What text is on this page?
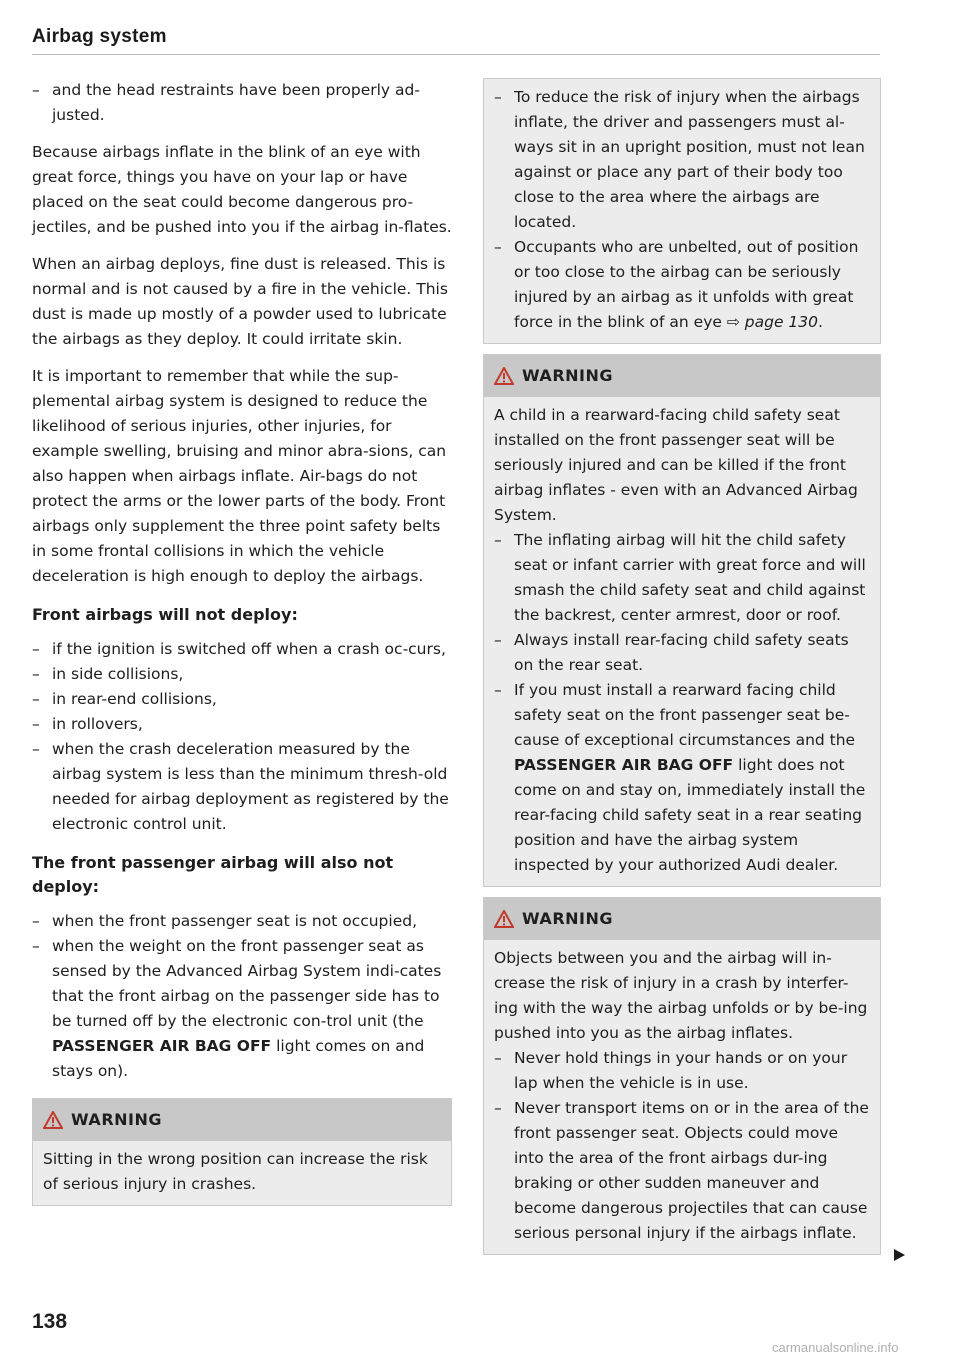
Airbag system
– and the head restraints have been properly ad-justed.

Because airbags inflate in the blink of an eye with great force, things you have on your lap or have placed on the seat could become dangerous pro-jectiles, and be pushed into you if the airbag in-flates.

When an airbag deploys, fine dust is released. This is normal and is not caused by a fire in the vehicle. This dust is made up mostly of a powder used to lubricate the airbags as they deploy. It could irritate skin.

It is important to remember that while the sup-plemental airbag system is designed to reduce the likelihood of serious injuries, other injuries, for example swelling, bruising and minor abra-sions, can also happen when airbags inflate. Air-bags do not protect the arms or the lower parts of the body. Front airbags only supplement the three point safety belts in some frontal collisions in which the vehicle deceleration is high enough to deploy the airbags.

Front airbags will not deploy:
– if the ignition is switched off when a crash oc-curs,
– in side collisions,
– in rear-end collisions,
– in rollovers,
– when the crash deceleration measured by the airbag system is less than the minimum thresh-old needed for airbag deployment as registered by the electronic control unit.
The front passenger airbag will also not deploy:
– when the front passenger seat is not occupied,
– when the weight on the front passenger seat as sensed by the Advanced Airbag System indi-cates that the front airbag on the passenger side has to be turned off by the electronic con-trol unit (the PASSENGER AIR BAG OFF light comes on and stays on).
WARNING
Sitting in the wrong position can increase the risk of serious injury in crashes.
– To reduce the risk of injury when the airbags inflate, the driver and passengers must al-ways sit in an upright position, must not lean against or place any part of their body too close to the area where the airbags are located.
– Occupants who are unbelted, out of position or too close to the airbag can be seriously injured by an airbag as it unfolds with great force in the blink of an eye ⇨ page 130.
WARNING
A child in a rearward-facing child safety seat installed on the front passenger seat will be seriously injured and can be killed if the front airbag inflates - even with an Advanced Airbag System.
– The inflating airbag will hit the child safety seat or infant carrier with great force and will smash the child safety seat and child against the backrest, center armrest, door or roof.
– Always install rear-facing child safety seats on the rear seat.
– If you must install a rearward facing child safety seat on the front passenger seat be-cause of exceptional circumstances and the PASSENGER AIR BAG OFF light does not come on and stay on, immediately install the rear-facing child safety seat in a rear seating position and have the airbag system inspected by your authorized Audi dealer.
WARNING
Objects between you and the airbag will in-crease the risk of injury in a crash by interfer-ing with the way the airbag unfolds or by be-ing pushed into you as the airbag inflates.
– Never hold things in your hands or on your lap when the vehicle is in use.
– Never transport items on or in the area of the front passenger seat. Objects could move into the area of the front airbags dur-ing braking or other sudden maneuver and become dangerous projectiles that can cause serious personal injury if the airbags inflate.
138
carmanualsonline.info
